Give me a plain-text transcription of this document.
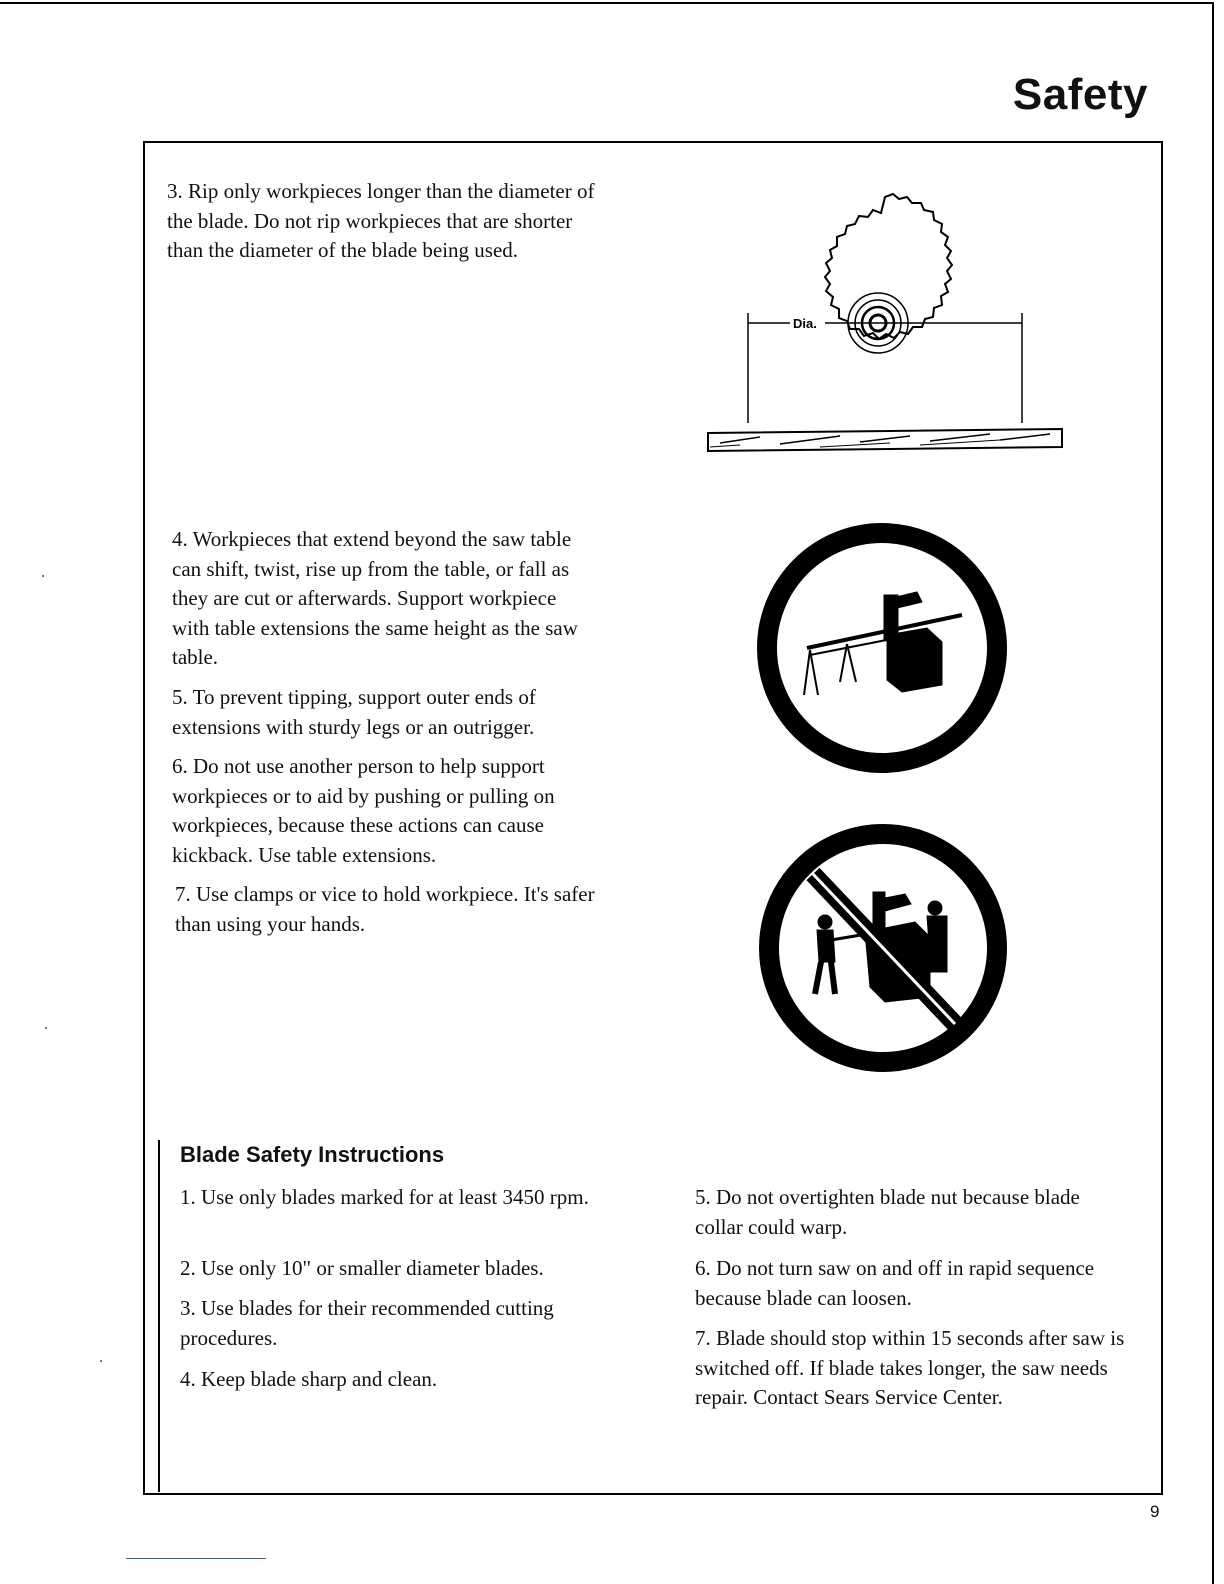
Safety

3. Rip only workpieces longer than the diameter of the blade. Do not rip workpieces that are shorter than the diameter of the blade being used.

4. Workpieces that extend beyond the saw table can shift, twist, rise up from the table, or fall as they are cut or afterwards. Support workpiece with table extensions the same height as the saw table.

5. To prevent tipping, support outer ends of extensions with sturdy legs or an outrigger.

6. Do not use another person to help support workpieces or to aid by pushing or pulling on workpieces, because these actions can cause kickback. Use table extensions.

7. Use clamps or vice to hold workpiece. It's safer than using your hands.

Dia.
Blade Safety Instructions

1. Use only blades marked for at least 3450 rpm.

2. Use only 10" or smaller diameter blades.

3. Use blades for their recommended cutting procedures.

4. Keep blade sharp and clean.

5. Do not overtighten blade nut because blade collar could warp.

6. Do not turn saw on and off in rapid sequence because blade can loosen.

7. Blade should stop within 15 seconds after saw is switched off. If blade takes longer, the saw needs repair. Contact Sears Service Center.

9
